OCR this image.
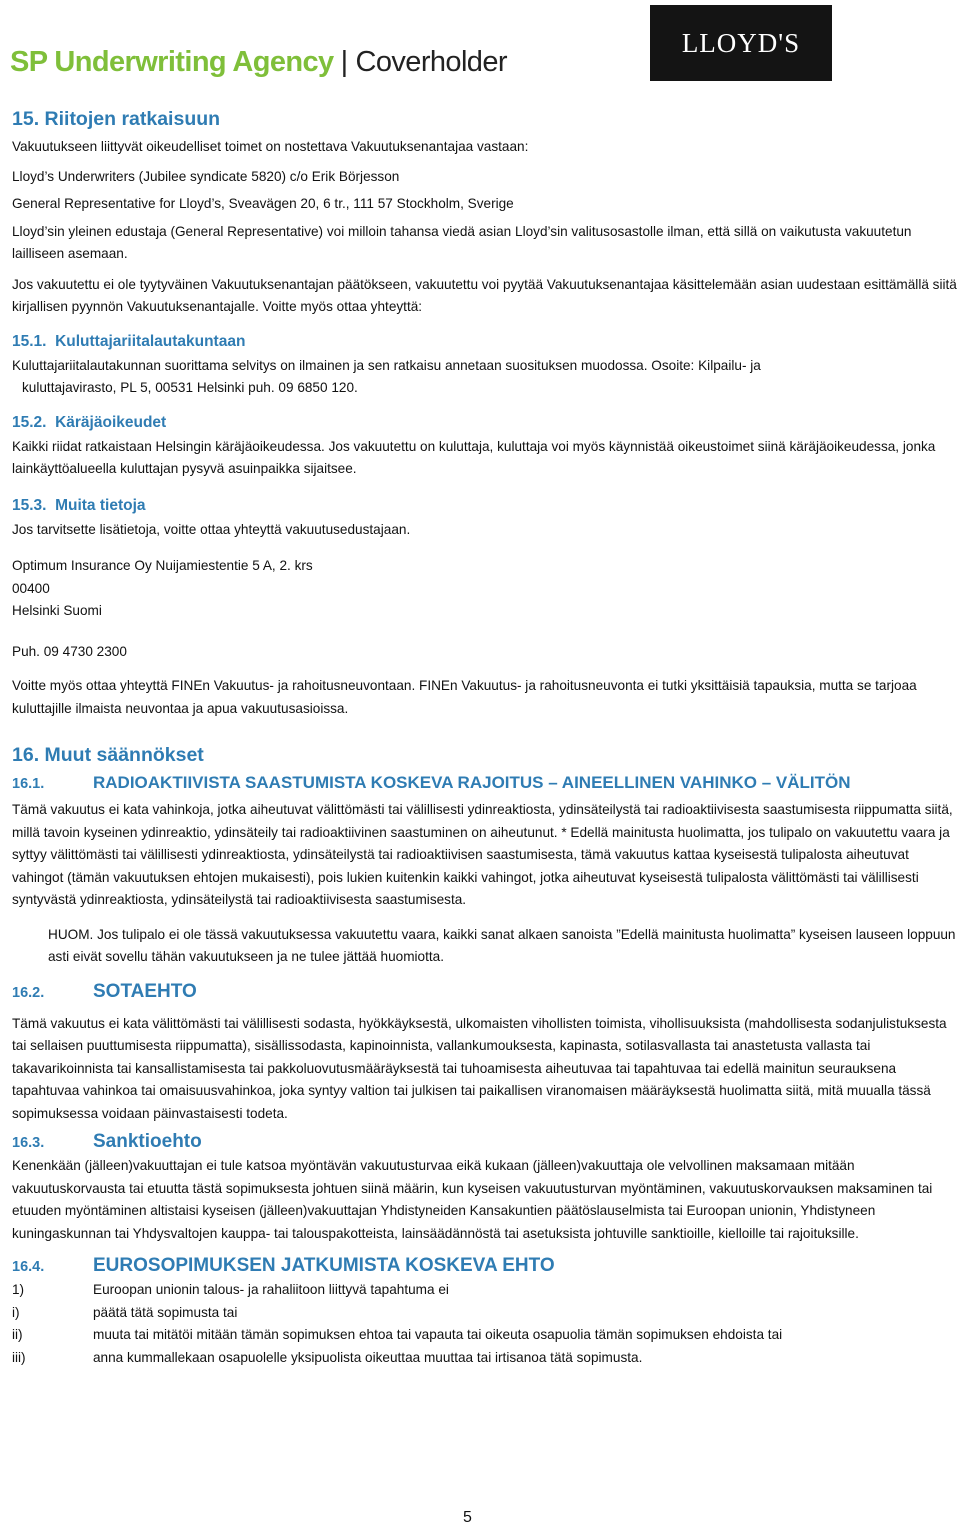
SP Underwriting Agency | Coverholder
LLOYD'S
15. Riitojen ratkaisuun
Vakuutukseen liittyvät oikeudelliset toimet on nostettava Vakuutuksenantajaa vastaan:
Lloyd’s Underwriters (Jubilee syndicate 5820) c/o Erik Börjesson
General Representative for Lloyd’s, Sveavägen 20, 6 tr., 111 57 Stockholm, Sverige
Lloyd’sin yleinen edustaja (General Representative) voi milloin tahansa viedä asian Lloyd’sin valitusosastolle ilman, että sillä on vaikutusta vakuutetun lailliseen asemaan.
Jos vakuutettu ei ole tyytyväinen Vakuutuksenantajan päätökseen, vakuutettu voi pyytää Vakuutuksenantajaa käsittelemään asian uudestaan esittämällä siitä kirjallisen pyynnön Vakuutuksenantajalle. Voitte myös ottaa yhteyttä:
15.1.  Kuluttajariitalautakuntaan
Kuluttajariitalautakunnan suorittama selvitys on ilmainen ja sen ratkaisu annetaan suosituksen muodossa. Osoite: Kilpailu- ja
kuluttajavirasto, PL 5, 00531 Helsinki puh. 09 6850 120.
15.2.  Käräjäoikeudet
Kaikki riidat ratkaistaan Helsingin käräjäoikeudessa. Jos vakuutettu on kuluttaja, kuluttaja voi myös käynnistää oikeustoimet siinä käräjäoikeudessa, jonka lainkäyttöalueella kuluttajan pysyvä asuinpaikka sijaitsee.
15.3.  Muita tietoja
Jos tarvitsette lisätietoja, voitte ottaa yhteyttä vakuutusedustajaan.
Optimum Insurance Oy Nuijamiestentie 5 A, 2. krs
00400
Helsinki Suomi
Puh. 09 4730 2300
Voitte myös ottaa yhteyttä FINEn Vakuutus- ja rahoitusneuvontaan. FINEn Vakuutus- ja rahoitusneuvonta ei tutki yksittäisiä tapauksia, mutta se tarjoaa kuluttajille ilmaista neuvontaa ja apua vakuutusasioissa.
16. Muut säännökset
16.1.	RADIOAKTIIVISTA SAASTUMISTA KOSKEVA RAJOITUS – AINEELLINEN VAHINKO – VÄLITÖN
Tämä vakuutus ei kata vahinkoja, jotka aiheutuvat välittömästi tai välillisesti ydinreaktiosta, ydinsäteilystä tai radioaktiivisesta saastumisesta riippumatta siitä, millä tavoin kyseinen ydinreaktio, ydinsäteily tai radioaktiivinen saastuminen on aiheutunut. * Edellä mainitusta huolimatta, jos tulipalo on vakuutettu vaara ja syttyy välittömästi tai välillisesti ydinreaktiosta, ydinsäteilystä tai radioaktiivisen saastumisesta, tämä vakuutus kattaa kyseisestä tulipalosta aiheutuvat vahingot (tämän vakuutuksen ehtojen mukaisesti), pois lukien kuitenkin kaikki vahingot, jotka aiheutuvat kyseisestä tulipalosta välittömästi tai välillisesti syntyvästä ydinreaktiosta, ydinsäteilystä tai radioaktiivisesta saastumisesta.
HUOM. Jos tulipalo ei ole tässä vakuutuksessa vakuutettu vaara, kaikki sanat alkaen sanoista ”Edellä mainitusta huolimatta” kyseisen lauseen loppuun asti eivät sovellu tähän vakuutukseen ja ne tulee jättää huomiotta.
16.2.	SOTAEHTO
Tämä vakuutus ei kata välittömästi tai välillisesti sodasta, hyökkäyksestä, ulkomaisten vihollisten toimista, vihollisuuksista (mahdollisesta sodanjulistuksesta tai sellaisen puuttumisesta riippumatta), sisällissodasta, kapinoinnista, vallankumouksesta, kapinasta, sotilasvallasta tai anastetusta vallasta tai takavarikoinnista tai kansallistamisesta tai pakkoluovutusmääräyksestä tai tuhoamisesta aiheutuvaa tai tapahtuvaa tai edellä mainitun seurauksena tapahtuvaa vahinkoa tai omaisuusvahinkoa, joka syntyy valtion tai julkisen tai paikallisen viranomaisen määräyksestä huolimatta siitä, mitä muualla tässä sopimuksessa voidaan päinvastaisesti todeta.
16.3.	Sanktioehto
Kenenkään (jälleen)vakuuttajan ei tule katsoa myöntävän vakuutusturvaa eikä kukaan (jälleen)vakuuttaja ole velvollinen maksamaan mitään vakuutuskorvausta tai etuutta tästä sopimuksesta johtuen siinä määrin, kun kyseisen vakuutusturvan myöntäminen, vakuutuskorvauksen maksaminen tai etuuden myöntäminen altistaisi kyseisen (jälleen)vakuuttajan Yhdistyneiden Kansakuntien päätöslauselmista tai Euroopan unionin, Yhdistyneen kuningaskunnan tai Yhdysvaltojen kauppa- tai talouspakotteista, lainsäädännöstä tai asetuksista johtuville sanktioille, kielloille tai rajoituksille.
16.4.	EUROSOPIMUKSEN JATKUMISTA KOSKEVA EHTO
1)	Euroopan unionin talous- ja rahaliitoon liittyvä tapahtuma ei
i)	päätä tätä sopimusta tai
ii)	muuta tai mitätöi mitään tämän sopimuksen ehtoa tai vapauta tai oikeuta osapuolia tämän sopimuksen ehdoista tai
iii)	anna kummallekaan osapuolelle yksipuolista oikeuttaa muuttaa tai irtisanoa tätä sopimusta.
5
